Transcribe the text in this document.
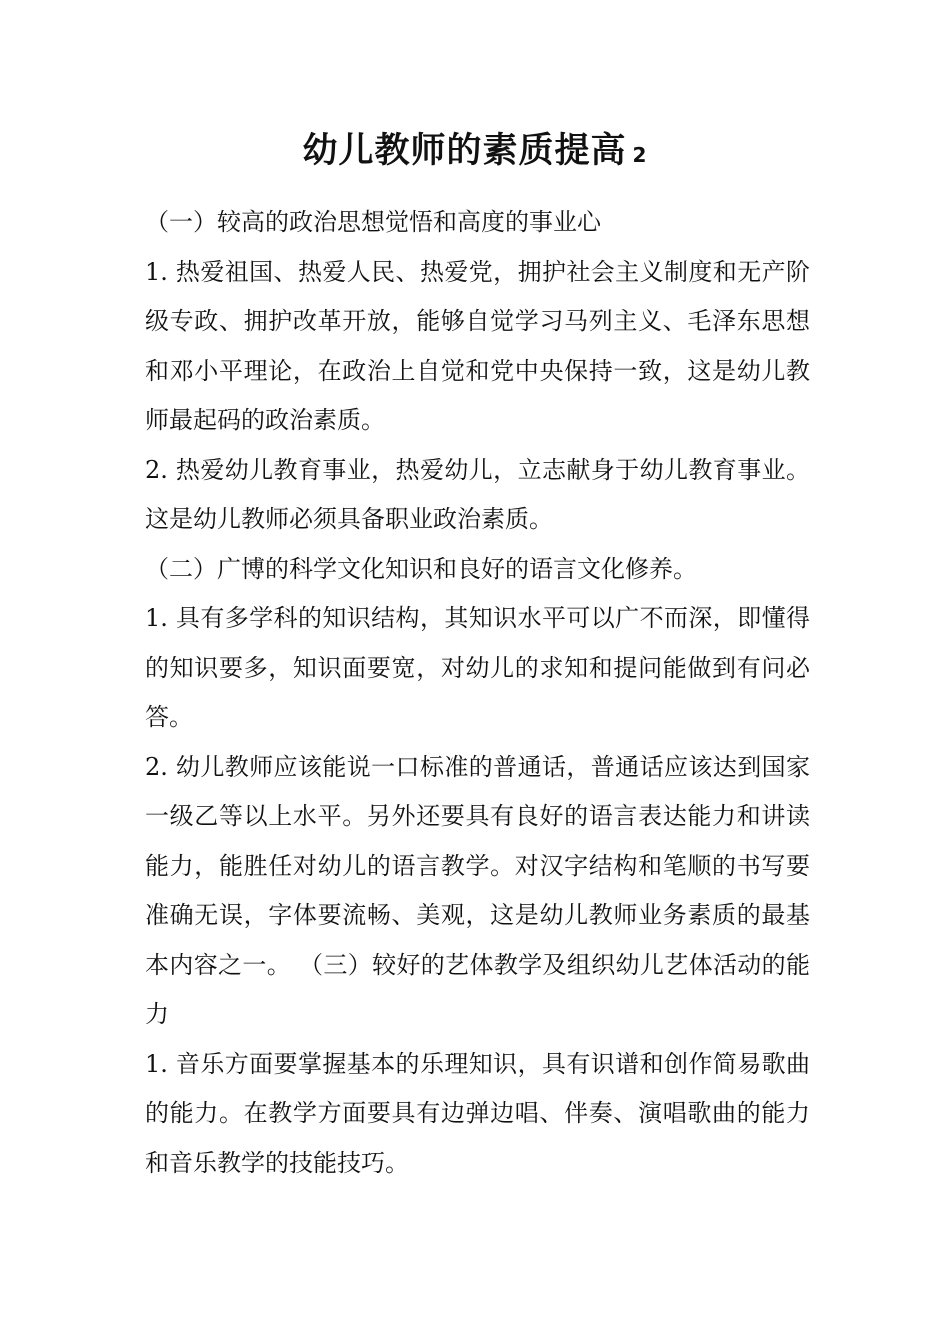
幼儿教师的素质提高 2

（一）较高的政治思想觉悟和高度的事业心

1. 热爱祖国、热爱人民、热爱党，拥护社会主义制度和无产阶级专政、拥护改革开放，能够自觉学习马列主义、毛泽东思想和邓小平理论，在政治上自觉和党中央保持一致，这是幼儿教师最起码的政治素质。

2. 热爱幼儿教育事业，热爱幼儿，立志献身于幼儿教育事业。这是幼儿教师必须具备职业政治素质。

（二）广博的科学文化知识和良好的语言文化修养。

1. 具有多学科的知识结构，其知识水平可以广不而深，即懂得的知识要多，知识面要宽，对幼儿的求知和提问能做到有问必答。

2. 幼儿教师应该能说一口标准的普通话，普通话应该达到国家一级乙等以上水平。另外还要具有良好的语言表达能力和讲读能力，能胜任对幼儿的语言教学。对汉字结构和笔顺的书写要准确无误，字体要流畅、美观，这是幼儿教师业务素质的最基本内容之一。 （三）较好的艺体教学及组织幼儿艺体活动的能力

1. 音乐方面要掌握基本的乐理知识，具有识谱和创作简易歌曲的能力。在教学方面要具有边弹边唱、伴奏、演唱歌曲的能力和音乐教学的技能技巧。
